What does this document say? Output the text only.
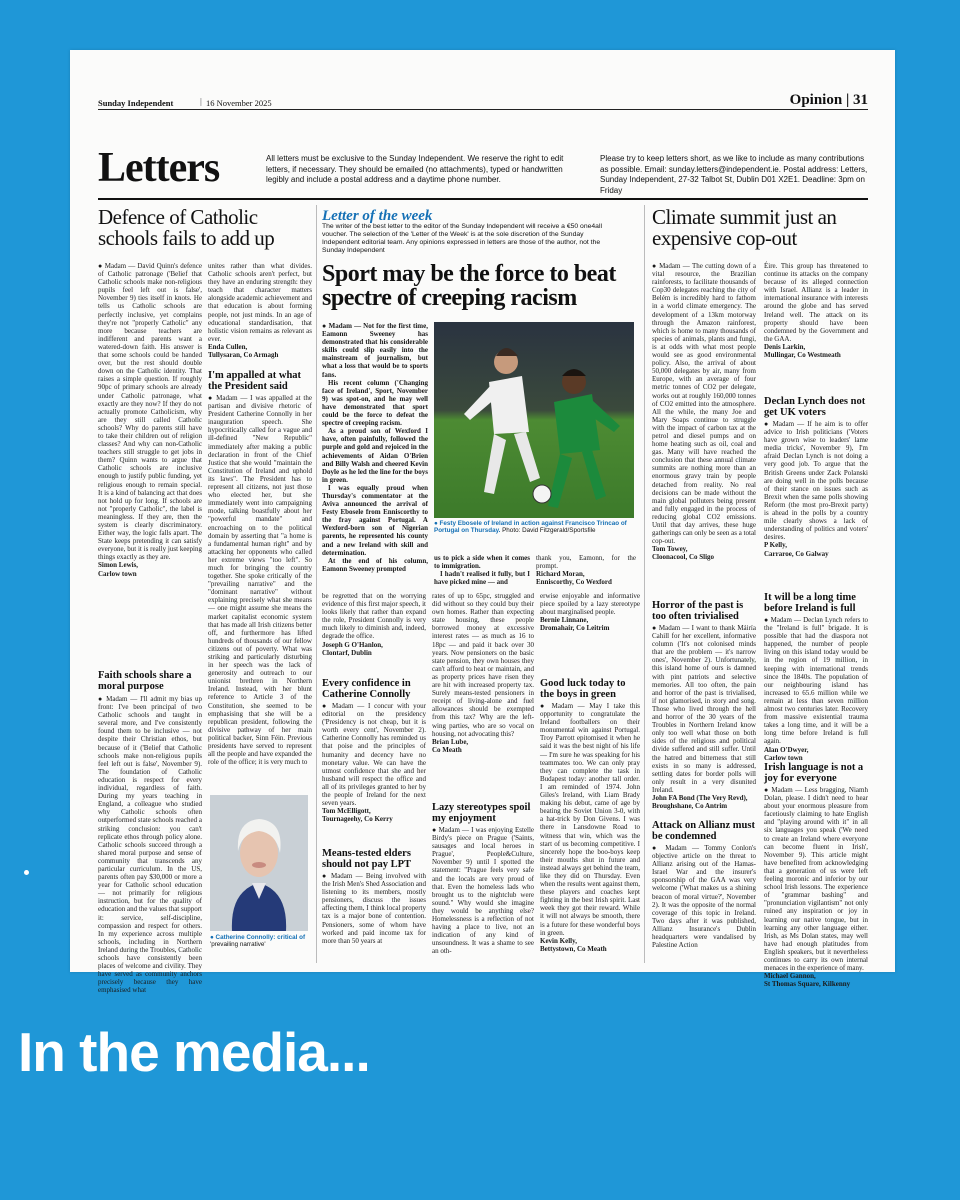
Sunday Independent	| 16 November 2025	Opinion | 31
Letters	All letters must be exclusive to the Sunday Independent. We reserve the right to edit letters, if necessary. They should be emailed (no attachments), typed or handwritten legibly and include a postal address and a daytime phone number.
Please try to keep letters short, as we like to include as many contributions as possible. Email: sunday.letters@independent.ie. Postal address: Letters, Sunday Independent, 27-32 Talbot St, Dublin D01 X2E1. Deadline: 3pm on Friday
Defence of Catholic schools fails to add up

● Madam — David Quinn's defence of Catholic patronage ('Belief that Catholic schools make non-religious pupils feel left out is false', November 9) ties itself in knots. He tells us Catholic schools are perfectly inclusive, yet complains they're not "properly Catholic" any more because teachers are indifferent and parents want a watered-down faith. His answer is that some schools could be handed over, but the rest should double down on the Catholic identity. That raises a simple question. If roughly 90pc of primary schools are already under Catholic patronage, what exactly are they now? If they do not actually promote Catholicism, why are they still called Catholic schools? Why do parents still have to take their children out of religion classes? And why can non-Catholic teachers still struggle to get jobs in them? Quinn wants to argue that Catholic schools are inclusive enough to justify public funding, yet religious enough to remain special. It is a kind of balancing act that does not hold up for long. If schools are not "properly Catholic", the label is meaningless. If they are, then the system is clearly discriminatory. Either way, the logic falls apart. The State keeps pretending it can satisfy everyone, but it is really just keeping things exactly as they are.

Simon Lewis,
Carlow town
Faith schools share a moral purpose

● Madam — I'll admit my bias up front: I've been principal of two Catholic schools and taught in several more, and I've consistently found them to be inclusive — not despite their Christian ethos, but because of it ('Belief that Catholic schools make non-religious pupils feel left out is false', November 9). The foundation of Catholic education is respect for every individual, regardless of faith. During my years teaching in England, a colleague who studied why Catholic schools often outperformed state schools reached a striking conclusion: you can't replicate ethos through policy alone. Catholic schools succeed through a shared moral purpose and sense of community that transcends any particular curriculum. In the US, parents often pay $30,000 or more a year for Catholic school education — not primarily for religious instruction, but for the quality of education and the values that support it: service, self-discipline, compassion and respect for others. In my experience across multiple schools, including in Northern Ireland during the Troubles, Catholic schools have consistently been places of welcome and civility. They have served as community anchors precisely because they have emphasised what

unites rather than what divides. Catholic schools aren't perfect, but they have an enduring strength: they teach that character matters alongside academic achievement and that education is about forming people, not just minds. In an age of educational standardisation, that holistic vision remains as relevant as ever.

Enda Cullen,
Tullysaran, Co Armagh
I'm appalled at what the President said

● Madam — I was appalled at the partisan and divisive rhetoric of President Catherine Connolly in her inauguration speech. She hypocritically called for a vague and ill-defined "New Republic" immediately after making a public declaration in front of the Chief Justice that she would "maintain the Constitution of Ireland and uphold its laws". The President has to represent all citizens, not just those who elected her, but she immediately went into campaigning mode, talking boastfully about her "powerful mandate" and encroaching on to the political domain by asserting that "a home is a fundamental human right" and by attacking her opponents who called her extreme views "too left". So much for bringing the country together. She spoke critically of the "prevailing narrative" and the "dominant narrative" without explaining precisely what she means — one might assume she means the market capitalist economic system that has made all Irish citizens better off, and furthermore has lifted hundreds of thousands of our fellow citizens out of poverty. What was striking and particularly disturbing in her speech was the lack of generosity and outreach to our unionist brethren in Northern Ireland. Instead, with her blunt reference to Article 3 of the Constitution, she seemed to be emphasising that she will be a republican president, following the divisive pathway of her main political backer, Sinn Féin. Previous presidents have served to represent all the people and have expanded the role of the office; it is very much to

● Catherine Connolly: critical of 'prevailing narrative'
Letter of the week
The writer of the best letter to the editor of the Sunday Independent will receive a €50 one4all voucher. The selection of the 'Letter of the Week' is at the sole discretion of the Sunday Independent editorial team. Any opinions expressed in letters are those of the author, not the Sunday Independent
Sport may be the force to beat spectre of creeping racism

● Madam — Not for the first time, Eamonn Sweeney has demonstrated that his considerable skills could slip easily into the mainstream of journalism, but what a loss that would be to sports fans.

His recent column ('Changing face of Ireland', Sport, November 9) was spot-on, and he may well have demonstrated that sport could be the force to defeat the spectre of creeping racism.

As a proud son of Wexford I have, often painfully, followed the purple and gold and rejoiced in the achievements of Aidan O'Brien and Billy Walsh and cheered Kevin Doyle as he led the line for the boys in green.

I was equally proud when Thursday's commentator at the Aviva announced the arrival of Festy Ebosele from Enniscorthy to the fray against Portugal. A Wexford-born son of Nigerian parents, he represented his county and a new Ireland with skill and determination.

At the end of his column, Eamonn Sweeney prompted

us to pick a side when it comes to immigration.

I hadn't realised it fully, but I have picked mine — and

thank you, Eamonn, for the prompt.

Richard Moran,
Enniscorthy, Co Wexford
● Festy Ebosele of Ireland in action against Francisco Trincao of Portugal on Thursday. Photo: David Fitzgerald/Sportsfile

be regretted that on the worrying evidence of this first major speech, it looks likely that rather than expand the role, President Connolly is very much likely to diminish and, indeed, degrade the office.

Joseph G O'Hanlon,
Clontarf, Dublin
Every confidence in Catherine Connolly

● Madam — I concur with your editorial on the presidency ('Presidency is not cheap, but it is worth every cent', November 2). Catherine Connolly has reminded us that poise and the principles of humanity and decency have no monetary value. We can have the utmost confidence that she and her husband will respect the office and all of its privileges granted to her by the people of Ireland for the next seven years.

Tom McElligott,
Tournageehy, Co Kerry
Means-tested elders should not pay LPT

● Madam — Being involved with the Irish Men's Shed Association and listening to its members, mostly pensioners, discuss the issues affecting them, I think local property tax is a major bone of contention. Pensioners, some of whom have worked and paid income tax for more than 50 years at

rates of up to 65pc, struggled and did without so they could buy their own homes. Rather than expecting state housing, these people borrowed money at excessive interest rates — as much as 16 to 18pc — and paid it back over 30 years. Now pensioners on the basic state pension, they own houses they can't afford to heat or maintain, and as property prices have risen they are hit with increased property tax. Surely means-tested pensioners in receipt of living-alone and fuel allowances should be exempted from this tax? Why are the left-wing parties, who are so vocal on housing, not advocating this?

Brian Lube,
Co Meath
Lazy stereotypes spoil my enjoyment

● Madam — I was enjoying Estelle Birdy's piece on Prague ('Saints, sausages and local heroes in Prague', People&Culture, November 9) until I spotted the statement: "Prague feels very safe and the locals are very proud of that. Even the homeless lads who brought us to the nightclub were sound." Why would she imagine they would be anything else? Homelessness is a reflection of not having a place to live, not an indication of any kind of unsoundness. It was a shame to see an oth-

erwise enjoyable and informative piece spoiled by a lazy stereotype about marginalised people.

Bernie Linnane,
Dromahair, Co Leitrim
Good luck today to the boys in green

● Madam — May I take this opportunity to congratulate the Ireland footballers on their monumental win against Portugal. Troy Parrott epitomised it when he said it was the best night of his life — I'm sure he was speaking for his teammates too. We can only pray they can complete the task in Budapest today: another tall order. I am reminded of 1974. John Giles's Ireland, with Liam Brady making his debut, came of age by beating the Soviet Union 3-0, with a hat-trick by Don Givens. I was there in Lansdowne Road to witness that win, which was the start of us becoming competitive. I sincerely hope the boo-boys keep their mouths shut in future and instead always get behind the team, like they did on Thursday. Even when the results went against them, these players and coaches kept fighting in the best Irish spirit. Last week they got their reward. While it will not always be smooth, there is a future for these wonderful boys in green.

Kevin Kelly,
Bettystown, Co Meath
Climate summit just an expensive cop-out

● Madam — The cutting down of a vital resource, the Brazilian rainforests, to facilitate thousands of Cop30 delegates reaching the city of Belém is incredibly hard to fathom in a world climate emergency. The development of a 13km motorway through the Amazon rainforest, which is home to many thousands of species of animals, plants and fungi, is at odds with what most people would see as good environmental policy. Also, the arrival of about 50,000 delegates by air, many from Europe, with an average of four metric tonnes of CO2 per delegate, works out at roughly 160,000 tonnes of CO2 emitted into the atmosphere. All the while, the many Joe and Mary Soaps continue to struggle with the impact of carbon tax at the petrol and diesel pumps and on home heating such as oil, coal and gas. Many will have reached the conclusion that these annual climate summits are nothing more than an enormous gravy train by people detached from reality. No real decisions can be made without the main global polluters being present and fully engaged in the process of reducing global CO2 emissions. Until that day arrives, these huge gatherings can only be seen as a total cop-out.

Tom Towey,
Cloonacool, Co Sligo
Horror of the past is too often trivialised

● Madam — I want to thank Máiría Cahill for her excellent, informative column ('It's not colonised minds that are the problem — it's narrow ones', November 2). Unfortunately, this island home of ours is damned with pint patriots and selective memories. All too often, the pain and horror of the past is trivialised, if not glamorised, in story and song. Those who lived through the hell and horror of the 30 years of the Troubles in Northern Ireland know only too well what those on both sides of the religious and political divide suffered and still suffer. Until the hatred and bitterness that still exists in so many is addressed, settling dates for border polls will only result in a very disunited Ireland.

John FA Bond (The Very Revd),
Broughshane, Co Antrim
Attack on Allianz must be condemned

● Madam — Tommy Conlon's objective article on the threat to Allianz arising out of the Hamas-Israel War and the insurer's sponsorship of the GAA was very welcome ('What makes us a shining beacon of moral virtue?', November 2). It was the opposite of the normal coverage of this topic in Ireland. Two days after it was published, Allianz Insurance's Dublin headquarters were vandalised by Palestine Action

Éire. This group has threatened to continue its attacks on the company because of its alleged connection with Israel. Allianz is a leader in international insurance with interests around the globe and has served Ireland well. The attack on its property should have been condemned by the Government and the GAA.

Denis Larkin,
Mullingar, Co Westmeath
Declan Lynch does not get UK voters

● Madam — If he aim is to offer advice to Irish politicians ('Voters have grown wise to leaders' lame media tricks', November 9), I'm afraid Declan Lynch is not doing a very good job. To argue that the British Greens under Zack Polanski are doing well in the polls because of their stance on issues such as Brexit when the same polls showing Reform (the most pro-Brexit party) is ahead in the polls by a country mile clearly shows a lack of understanding of politics and voters' desires.

P Kelly,
Carraroe, Co Galway
It will be a long time before Ireland is full

● Madam — Declan Lynch refers to the "Ireland is full" brigade. It is possible that had the diaspora not happened, the number of people living on this island today would be in the region of 19 million, in keeping with international trends since the 1840s. The population of our neighbouring island has increased to 65.6 million while we remain at less than seven million almost two centuries later. Recovery from massive existential trauma takes a long time, and it will be a long time before Ireland is full again.

Alan O'Dwyer,
Carlow town
Irish language is not a joy for everyone

● Madam — Less bragging, Niamh Dolan, please. I didn't need to hear about your enormous pleasure from facetiously claiming to hate English and "playing around with it" in all six languages you speak ('We need to create an Ireland where everyone can become fluent in Irish', November 9). This article might have benefited from acknowledging that a generation of us were left feeling moronic and inferior by our school Irish lessons. The experience of "grammar bashing" and "pronunciation vigilantism" not only ruined any inspiration or joy in learning our native tongue, but in learning any other language either. Irish, as Ms Dolan states, may well have had enough platitudes from English speakers, but it nevertheless continues to carry its own internal menaces in the experience of many.

Michael Gannon,
St Thomas Square, Kilkenny
In the media...
